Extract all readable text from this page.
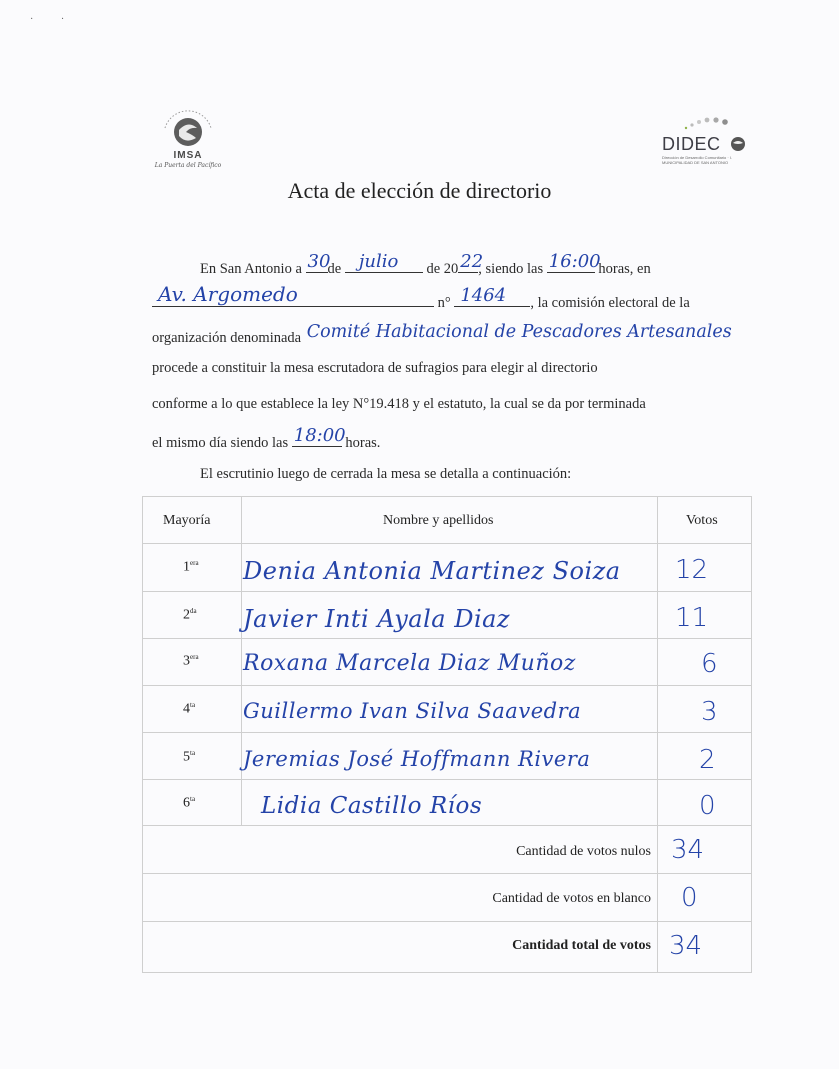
·           ·
IMSA
La Puerta del Pacífico
DIDEC
Dirección de Desarrollo Comunitario · I. MUNICIPALIDAD DE SAN ANTONIO
Acta de elección de directorio
En San Antonio a 30
de julio de 20 22
, siendo las 16:00
horas, en
Av. Argomedo	n° 1464 , la comisión electoral de la
organización denominada Comité Habitacional de Pescadores Artesanales
procede a constituir la mesa escrutadora de sufragios para elegir al directorio
conforme a lo que establece la ley N°19.418 y el estatuto, la cual se da por terminada
el mismo día siendo las 18:00 horas.
El escrutinio luego de cerrada la mesa se detalla a continuación:
Mayoría	Nombre y apellidos	Votos
$1^{era}$ Denia Antonia Martinez Soiza 12
$2^{da}$ Javier Inti Ayala Diaz	11
$3^{era}$ Roxana Marcela Diaz Muñoz	6
$4^{ta}$ Guillermo Ivan Silva Saavedra	3
$5^{ta}$ Jeremias José Hoffmann Rivera	2
$6^{ta}$	Lidia Castillo Ríos	0
Cantidad de votos nulos 34
Cantidad de votos en blanco 0
Cantidad total de votos 34
